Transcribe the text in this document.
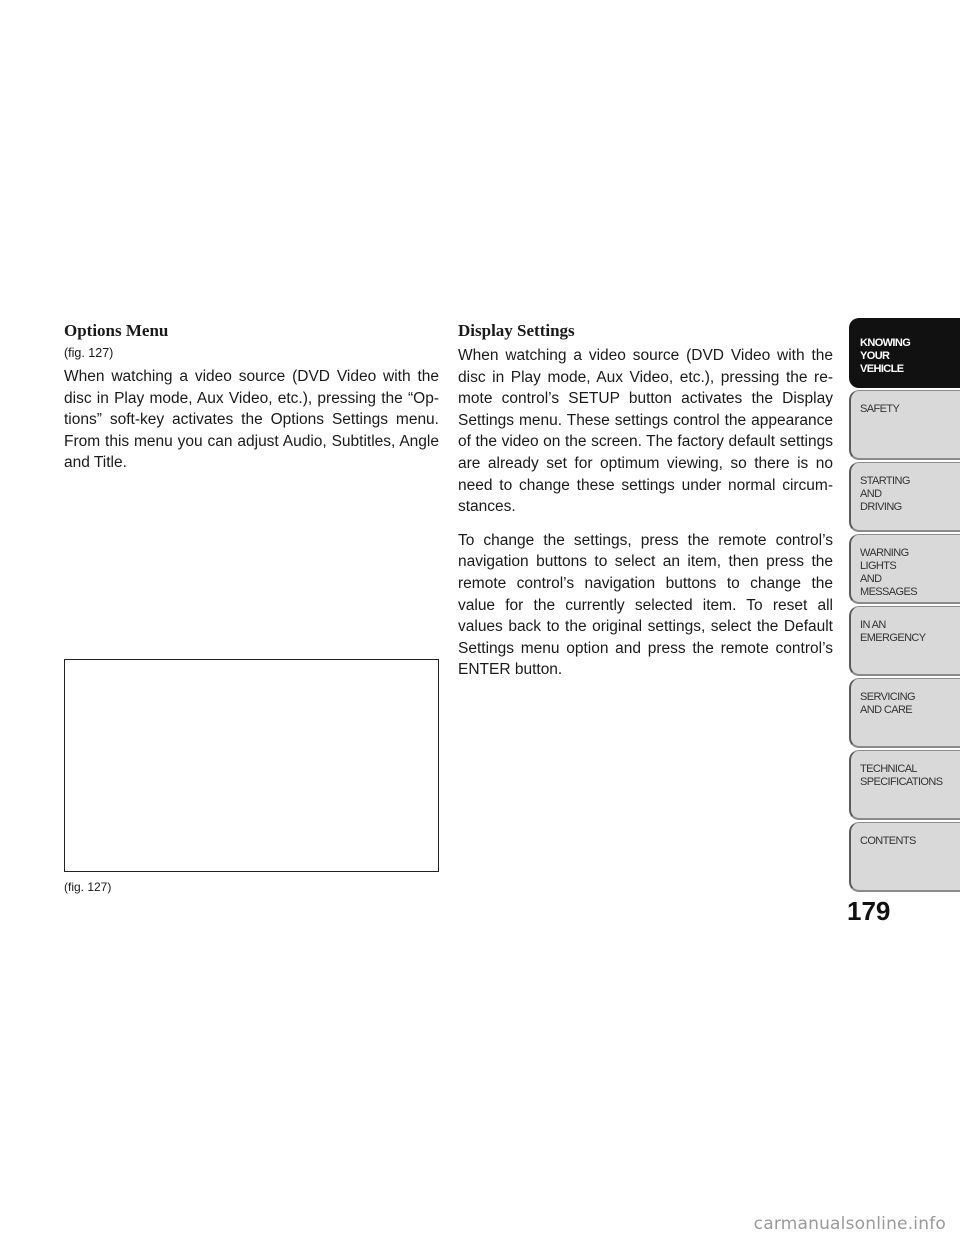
Options Menu
(fig. 127)

When watching a video source (DVD Video with the disc in Play mode, Aux Video, etc.), pressing the “Op-tions” soft-key activates the Options Settings menu. From this menu you can adjust Audio, Subtitles, Angle and Title.

(fig. 127)
Display Settings

When watching a video source (DVD Video with the disc in Play mode, Aux Video, etc.), pressing the re-mote control’s SETUP button activates the Display Settings menu. These settings control the appearance of the video on the screen. The factory default settings are already set for optimum viewing, so there is no need to change these settings under normal circum-stances.

To change the settings, press the remote control’s navigation buttons to select an item, then press the remote control’s navigation buttons to change the value for the currently selected item. To reset all values back to the original settings, select the Default Settings menu option and press the remote control’s ENTER button.

KNOWING
YOUR
VEHICLE
SAFETY
STARTING
AND
DRIVING
WARNING
LIGHTS
AND
MESSAGES
IN AN
EMERGENCY
SERVICING
AND CARE
TECHNICAL
SPECIFICATIONS
CONTENTS
179
carmanualsonline.info
